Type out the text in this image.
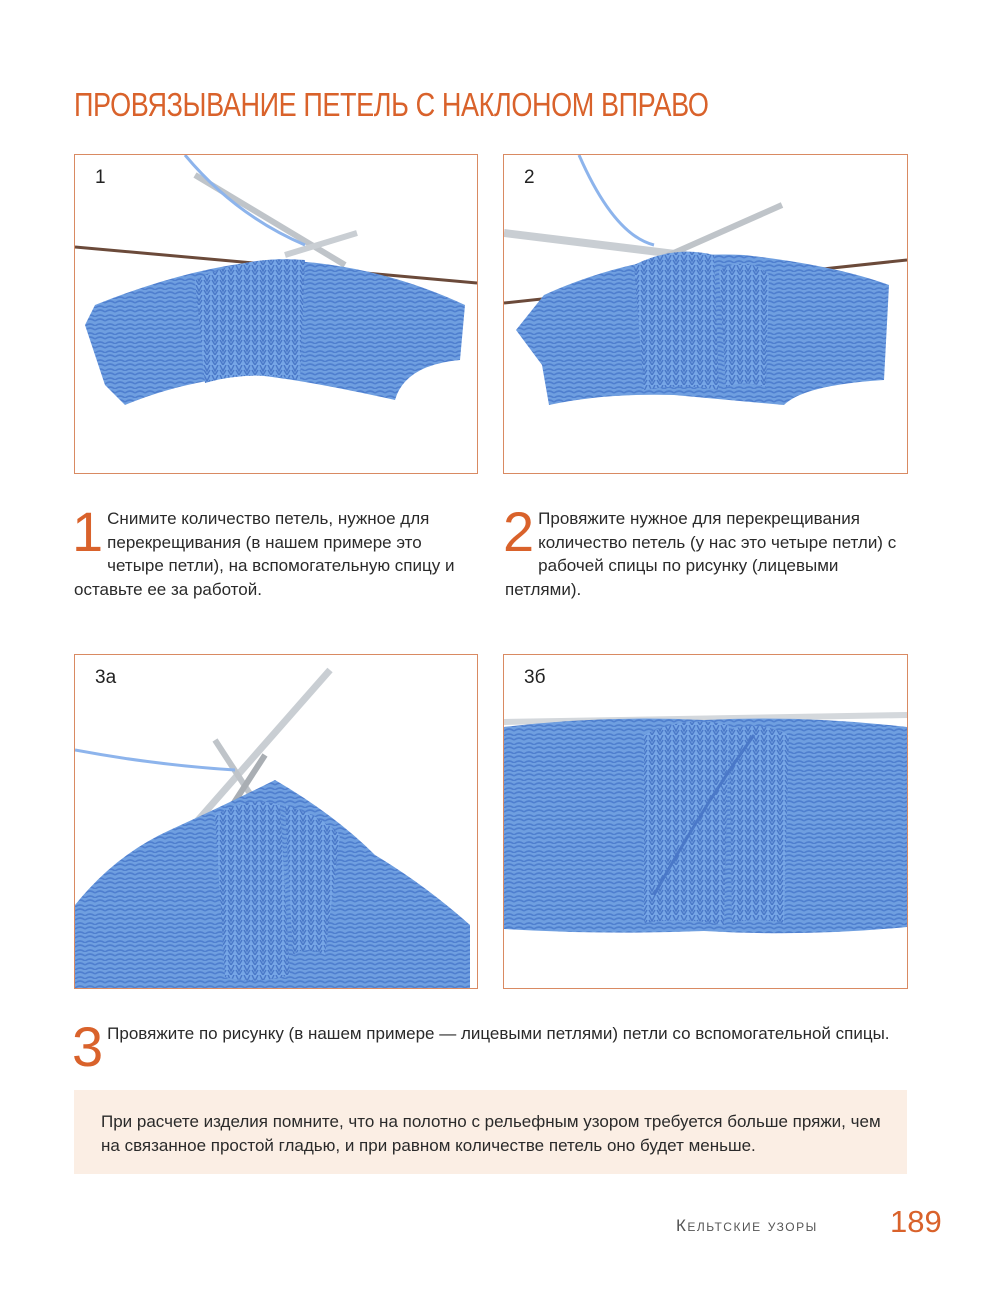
ПРОВЯЗЫВАНИЕ ПЕТЕЛЬ С НАКЛОНОМ ВПРАВО
1	2
1 Снимите количество петель, нужное для перекрещивания (в нашем примере это четыре петли), на вспомогательную спицу и оставьте ее за работой.
2 Провяжите нужное для перекрещивания количество петель (у нас это четыре петли) с рабочей спицы по рисунку (лицевыми петлями).
3а	3б
3 Провяжите по рисунку (в нашем примере — лицевыми петлями) петли со вспомогательной спицы.

При расчете изделия помните, что на полотно с рельефным узором требуется больше пряжи, чем на связанное простой гладью, и при равном количестве петель оно будет меньше.

Кельтские узоры 189
